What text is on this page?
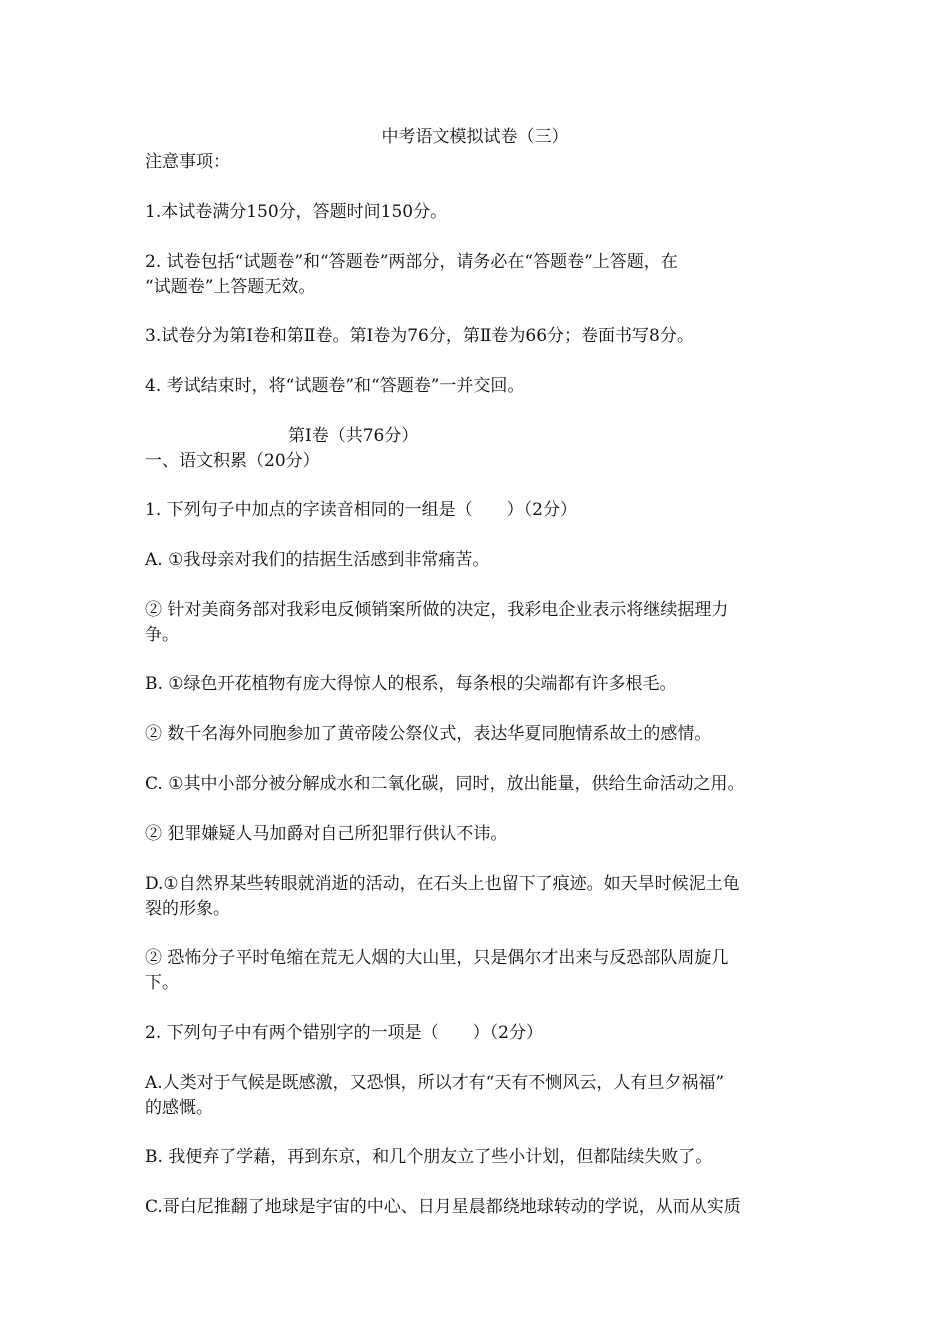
中考语文模拟试卷（三）
注意事项：
1.本试卷满分150分，答题时间150分。
2. 试卷包括“试题卷”和“答题卷”两部分，请务必在“答题卷”上答题，在
“试题卷”上答题无效。
3.试卷分为第Ⅰ卷和第Ⅱ卷。第Ⅰ卷为76分，第Ⅱ卷为66分；卷面书写8分。
4. 考试结束时，将“试题卷”和“答题卷”一并交回。
第Ⅰ卷（共76分）
一、语文积累（20分）
1. 下列句子中加点的字读音相同的一组是（　　）（2分）
A. ①我母亲对我们的拮据生活感到非常痛苦。
② 针对美商务部对我彩电反倾销案所做的决定，我彩电企业表示将继续据理力
争。
B. ①绿色开花植物有庞大得惊人的根系，每条根的尖端都有许多根毛。
② 数千名海外同胞参加了黄帝陵公祭仪式，表达华夏同胞情系故土的感情。
C. ①其中小部分被分解成水和二氧化碳，同时，放出能量，供给生命活动之用。
② 犯罪嫌疑人马加爵对自己所犯罪行供认不讳。
D.①自然界某些转眼就消逝的活动，在石头上也留下了痕迹。如天旱时候泥土龟
裂的形象。
② 恐怖分子平时龟缩在荒无人烟的大山里，只是偶尔才出来与反恐部队周旋几
下。
2. 下列句子中有两个错别字的一项是（　　）（2分）
A.人类对于气候是既感激，又恐惧，所以才有“天有不恻风云，人有旦夕祸福”
的感慨。
B. 我便弃了学藉，再到东京，和几个朋友立了些小计划，但都陆续失败了。
C.哥白尼推翻了地球是宇宙的中心、日月星晨都绕地球转动的学说，从而从实质
